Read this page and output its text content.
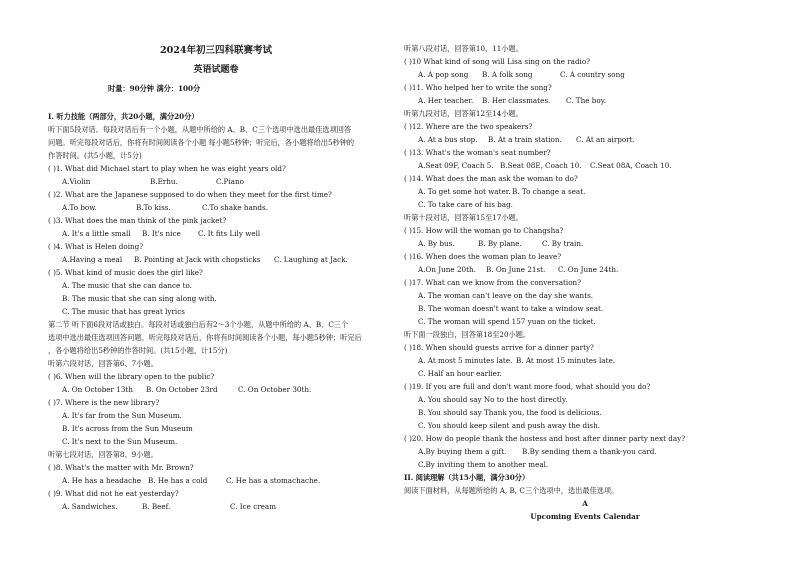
2024年初三四科联赛考试
英语试题卷
时量：90分钟 满分：100分
I. 听力技能（两部分，共20小题，满分20分）
听下面5段对话。每段对话后有一个小题，从题中所给的 A、B、C三个选项中选出最佳选项回答
问题。听完每段对话后，你将有时间阅读各个小题 每小题5秒钟；听完后，各小题将给出5秒钟的
作答时间。(共5小题，计5分)
( )1. What did Michael start to play when he was eight years old?
A.Violin	B.Erhu.	C.Piano
( )2. What are the Japanese supposed to do when they meet for the first time?
A.To bow.	B.To kiss.	C.To shake hands.
( )3. What does the man think of the pink jacket?
A. It's a little small B. It's nice C. It fits Lily well
( )4. What is Helen doing?
A.Having a meal B. Pointing at Jack with chopsticks C. Laughing at Jack.
( )5. What kind of music does the girl like?
A. The music that she can dance to.
B. The music that she can sing along with.
C. The music that has great lyrics
第二节 听下面6段对话或独白。每段对话或独白后有2～3个小题，从题中所给的 A、B、C三个
选项中选出最佳选项回答问题。听完每段对话后，你将有时间阅读各个小题，每小题5秒钟；听完后
，各小题将给出5秒钟的作答时间。(共15小题，计15分)
听第六段对话，回答第6、7小题。
( )6. When will the library open to the public?
A. On October 13th B. On October 23rd	C. On October 30th.
( )7. Where is the new library?
A. It's far from the Sun Museum.
B. It's across from the Sun Museum
C. It's next to the Sun Museum.
听第七段对话，回答第8、9小题。
( )8. What's the matter with Mr. Brown?
A. He has a headache B. He has a cold	C. He has a stomachache.
( )9. What did not he eat yesterday?
A. Sandwiches.	B. Beef.	C. Ice cream
听第八段对话，回答第10、11小题。
( )10 What kind of song will Lisa sing on the radio?
A. A pop song B. A folk song	C. A country song
( )11. Who helped her to write the song?
A. Her teacher. B. Her classmates. C. The boy.
听第九段对话，回答第12至14小题。
( )12. Where are the two speakers?
A. At a bus stop. B. At a train station. C. At an airport.
( )13. What's the woman's seat number?
A.Seat 09F, Coach 5. B.Seat 08E, Coach 10. C.Seat 08A, Coach 10.
( )14. What does the man ask the woman to do?
A. To get some hot water.B. To change a seat.
C. To take care of his bag.
听第十段对话，回答第15至17小题。
( )15. How will the woman go to Changsha?
A. By bus.	B. By plane.	C. By train.
( )16. When does the woman plan to leave?
A.On June 20th. B. On June 21st. C. On June 24th.
( )17. What can we know from the conversation?
A. The woman can't leave on the day she wants.
B. The woman doesn't want to take a window seat.
C. The woman will spend 157 yuan on the ticket.
听下面一段独白，回答第18至20小题。
( )18. When should guests arrive for a dinner party?
A. At most 5 minutes late. B. At most 15 minutes late.
C. Half an hour earlier.
( )19. If you are full and don't want more food, what should you do?
A. You should say No to the host directly.
B. You should say Thank you, the food is delicious.
C. You should keep silent and push away the dish.
( )20. How do people thank the hostess and host after dinner party next day?
A.By buying them a gift. B.By sending them a thank-you card.
C.By inviting them to another meal.
II. 阅读理解（共15小题，满分30分）
阅读下面材料，从每题所给的 A, B, C三个选项中，选出最佳选项。
A
Upcoming Events Calendar
